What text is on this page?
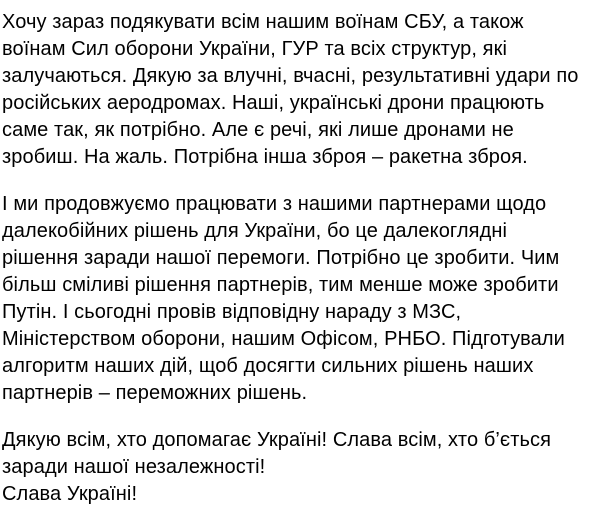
Хочу зараз подякувати всім нашим воїнам СБУ, а також
воїнам Сил оборони України, ГУР та всіх структур, які
залучаються. Дякую за влучні, вчасні, результативні удари по
російських аеродромах. Наші, українські дрони працюють
саме так, як потрібно. Але є речі, які лише дронами не
зробиш. На жаль. Потрібна інша зброя – ракетна зброя.

І ми продовжуємо працювати з нашими партнерами щодо
далекобійних рішень для України, бо це далекоглядні
рішення заради нашої перемоги. Потрібно це зробити. Чим
більш сміливі рішення партнерів, тим менше може зробити
Путін. І сьогодні провів відповідну нараду з МЗС,
Міністерством оборони, нашим Офісом, РНБО. Підготували
алгоритм наших дій, щоб досягти сильних рішень наших
партнерів – переможних рішень.

Дякую всім, хто допомагає Україні! Слава всім, хто б’ється
заради нашої незалежності!
Слава Україні!
